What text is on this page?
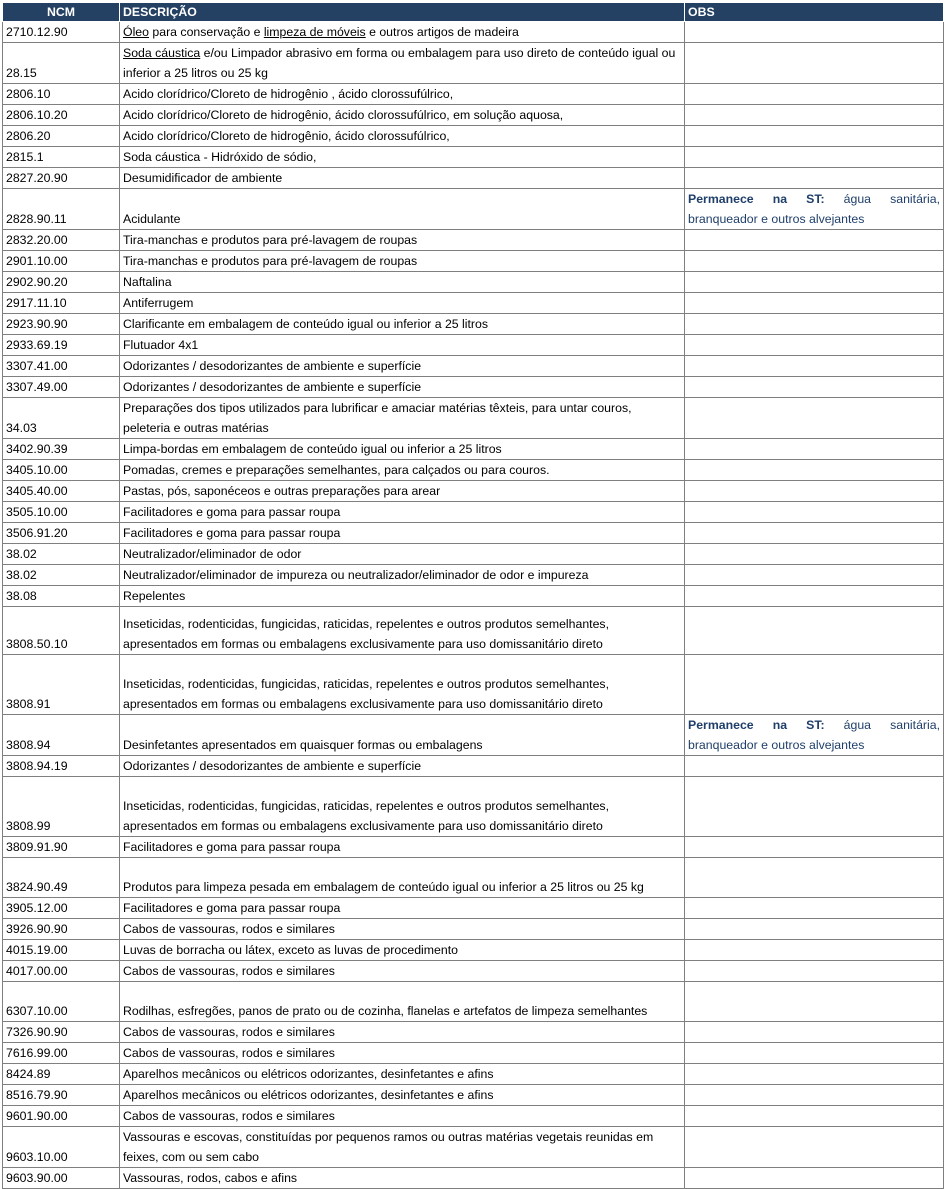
NCM	DESCRIÇÃO	OBS
2710.12.90	Óleo para conservação e limpeza de móveis e outros artigos de madeira	
28.15	Soda cáustica e/ou Limpador abrasivo em forma ou embalagem para uso direto de conteúdo igual ou inferior a 25 litros ou 25 kg	
2806.10	Acido clorídrico/Cloreto de hidrogênio , ácido clorossufúlrico,	
2806.10.20	Acido clorídrico/Cloreto de hidrogênio, ácido clorossufúlrico, em solução aquosa,	
2806.20	Acido clorídrico/Cloreto de hidrogênio, ácido clorossufúlrico,	
2815.1	Soda cáustica - Hidróxido de sódio,	
2827.20.90	Desumidificador de ambiente	
2828.90.11	Acidulante	Permanece na ST: água sanitária, branqueador e outros alvejantes
2832.20.00	Tira-manchas e produtos para pré-lavagem de roupas	
2901.10.00	Tira-manchas e produtos para pré-lavagem de roupas	
2902.90.20	Naftalina	
2917.11.10	Antiferrugem	
2923.90.90	Clarificante em embalagem de conteúdo igual ou inferior a 25 litros	
2933.69.19	Flutuador 4x1	
3307.41.00	Odorizantes / desodorizantes de ambiente e superfície	
3307.49.00	Odorizantes / desodorizantes de ambiente e superfície	
34.03	Preparações dos tipos utilizados para lubrificar e amaciar matérias têxteis, para untar couros, peleteria e outras matérias	
3402.90.39	Limpa-bordas em embalagem de conteúdo igual ou inferior a 25 litros	
3405.10.00	Pomadas, cremes e preparações semelhantes, para calçados ou para couros.	
3405.40.00	Pastas, pós, saponéceos e outras preparações para arear	
3505.10.00	Facilitadores e goma para passar roupa	
3506.91.20	Facilitadores e goma para passar roupa	
38.02	Neutralizador/eliminador de odor	
38.02	Neutralizador/eliminador de impureza ou neutralizador/eliminador de odor e impureza	
38.08	Repelentes	
3808.50.10	Inseticidas, rodenticidas, fungicidas, raticidas, repelentes e outros produtos semelhantes, apresentados em formas ou embalagens exclusivamente para uso domissanitário direto	
3808.91	Inseticidas, rodenticidas, fungicidas, raticidas, repelentes e outros produtos semelhantes, apresentados em formas ou embalagens exclusivamente para uso domissanitário direto	
3808.94	Desinfetantes apresentados em quaisquer formas ou embalagens	Permanece na ST: água sanitária, branqueador e outros alvejantes
3808.94.19	Odorizantes / desodorizantes de ambiente e superfície	
3808.99	Inseticidas, rodenticidas, fungicidas, raticidas, repelentes e outros produtos semelhantes, apresentados em formas ou embalagens exclusivamente para uso domissanitário direto	
3809.91.90	Facilitadores e goma para passar roupa	
3824.90.49	Produtos para limpeza pesada em embalagem de conteúdo igual ou inferior a 25 litros ou 25 kg	
3905.12.00	Facilitadores e goma para passar roupa	
3926.90.90	Cabos de vassouras, rodos e similares	
4015.19.00	Luvas de borracha ou látex, exceto as luvas de procedimento	
4017.00.00	Cabos de vassouras, rodos e similares	
6307.10.00	Rodilhas, esfregões, panos de prato ou de cozinha, flanelas e artefatos de limpeza semelhantes	
7326.90.90	Cabos de vassouras, rodos e similares	
7616.99.00	Cabos de vassouras, rodos e similares	
8424.89	Aparelhos mecânicos ou elétricos odorizantes, desinfetantes e afins	
8516.79.90	Aparelhos mecânicos ou elétricos odorizantes, desinfetantes e afins	
9601.90.00	Cabos de vassouras, rodos e similares	
9603.10.00	Vassouras e escovas, constituídas por pequenos ramos ou outras matérias vegetais reunidas em feixes, com ou sem cabo	
9603.90.00	Vassouras, rodos, cabos e afins	
